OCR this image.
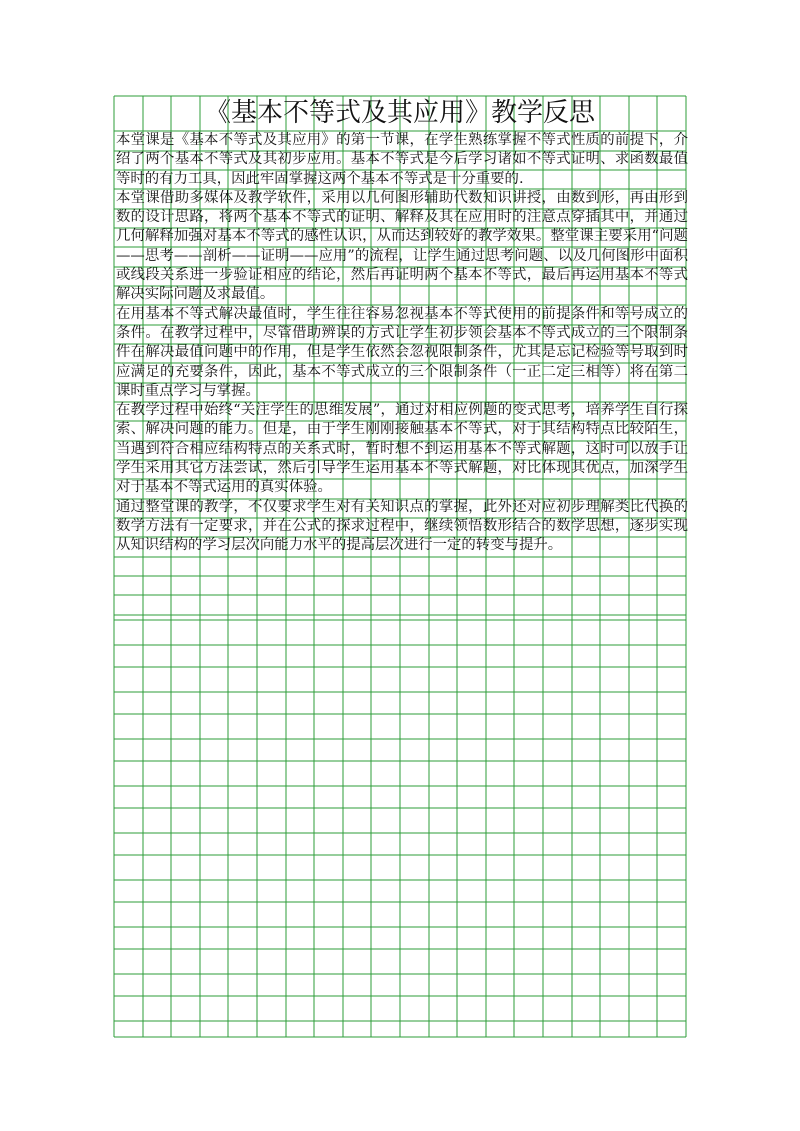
《基本不等式及其应用》教学反思

本堂课是《基本不等式及其应用》的第一节课，在学生熟练掌握不等式性质的前提下，介绍了两个基本不等式及其初步应用。基本不等式是今后学习诸如不等式证明、求函数最值等时的有力工具，因此牢固掌握这两个基本不等式是十分重要的.

本堂课借助多媒体及教学软件，采用以几何图形辅助代数知识讲授，由数到形，再由形到数的设计思路，将两个基本不等式的证明、解释及其在应用时的注意点穿插其中，并通过几何解释加强对基本不等式的感性认识，从而达到较好的教学效果。整堂课主要采用“问题——思考——剖析——证明——应用”的流程，让学生通过思考问题、以及几何图形中面积或线段关系进一步验证相应的结论，然后再证明两个基本不等式，最后再运用基本不等式解决实际问题及求最值。

在用基本不等式解决最值时，学生往往容易忽视基本不等式使用的前提条件和等号成立的条件。在教学过程中，尽管借助辨误的方式让学生初步领会基本不等式成立的三个限制条件在解决最值问题中的作用，但是学生依然会忽视限制条件，尤其是忘记检验等号取到时应满足的充要条件，因此，基本不等式成立的三个限制条件（一正二定三相等）将在第二课时重点学习与掌握。

在教学过程中始终“关注学生的思维发展”，通过对相应例题的变式思考，培养学生自行探索、解决问题的能力。但是，由于学生刚刚接触基本不等式，对于其结构特点比较陌生，当遇到符合相应结构特点的关系式时，暂时想不到运用基本不等式解题，这时可以放手让学生采用其它方法尝试，然后引导学生运用基本不等式解题，对比体现其优点，加深学生对于基本不等式运用的真实体验。

通过整堂课的教学，不仅要求学生对有关知识点的掌握，此外还对应初步理解类比代换的数学方法有一定要求，并在公式的探求过程中，继续领悟数形结合的数学思想，逐步实现从知识结构的学习层次向能力水平的提高层次进行一定的转变与提升。
